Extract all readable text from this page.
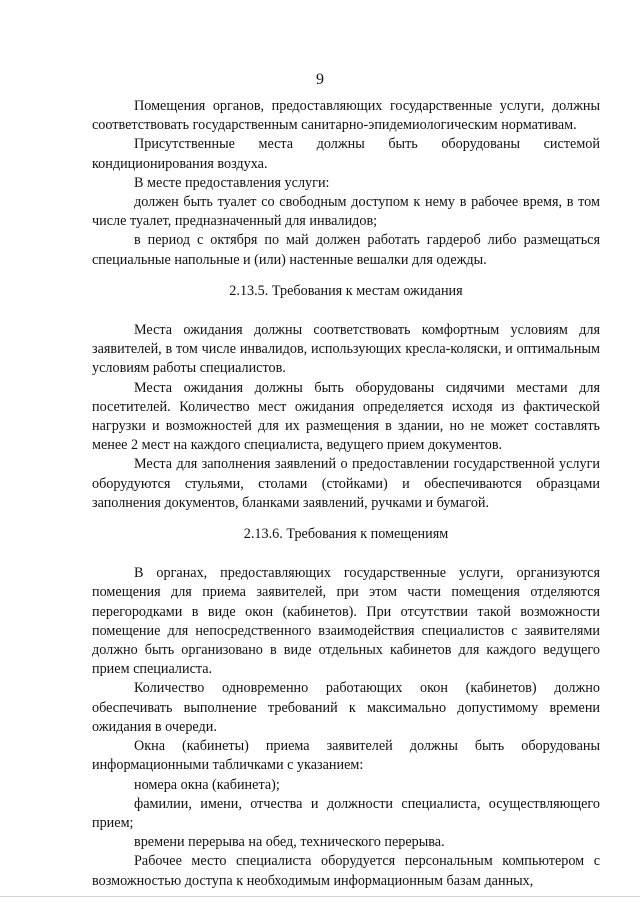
9

Помещения органов, предоставляющих государственные услуги, должны соответствовать государственным санитарно-эпидемиологическим нормативам.

Присутственные места должны быть оборудованы системой кондиционирования воздуха.

В месте предоставления услуги:

должен быть туалет со свободным доступом к нему в рабочее время, в том числе туалет, предназначенный для инвалидов;

в период с октября по май должен работать гардероб либо размещаться специальные напольные и (или) настенные вешалки для одежды.

2.13.5. Требования к местам ожидания

Места ожидания должны соответствовать комфортным условиям для заявителей, в том числе инвалидов, использующих кресла-коляски, и оптимальным условиям работы специалистов.

Места ожидания должны быть оборудованы сидячими местами для посетителей. Количество мест ожидания определяется исходя из фактической нагрузки и возможностей для их размещения в здании, но не может составлять менее 2 мест на каждого специалиста, ведущего прием документов.

Места для заполнения заявлений о предоставлении государственной услуги оборудуются стульями, столами (стойками) и обеспечиваются образцами заполнения документов, бланками заявлений, ручками и бумагой.

2.13.6. Требования к помещениям

В органах, предоставляющих государственные услуги, организуются помещения для приема заявителей, при этом части помещения отделяются перегородками в виде окон (кабинетов). При отсутствии такой возможности помещение для непосредственного взаимодействия специалистов с заявителями должно быть организовано в виде отдельных кабинетов для каждого ведущего прием специалиста.

Количество одновременно работающих окон (кабинетов) должно обеспечивать выполнение требований к максимально допустимому времени ожидания в очереди.

Окна (кабинеты) приема заявителей должны быть оборудованы информационными табличками с указанием:

номера окна (кабинета);

фамилии, имени, отчества и должности специалиста, осуществляющего прием;

времени перерыва на обед, технического перерыва.

Рабочее место специалиста оборудуется персональным компьютером с возможностью доступа к необходимым информационным базам данных,
